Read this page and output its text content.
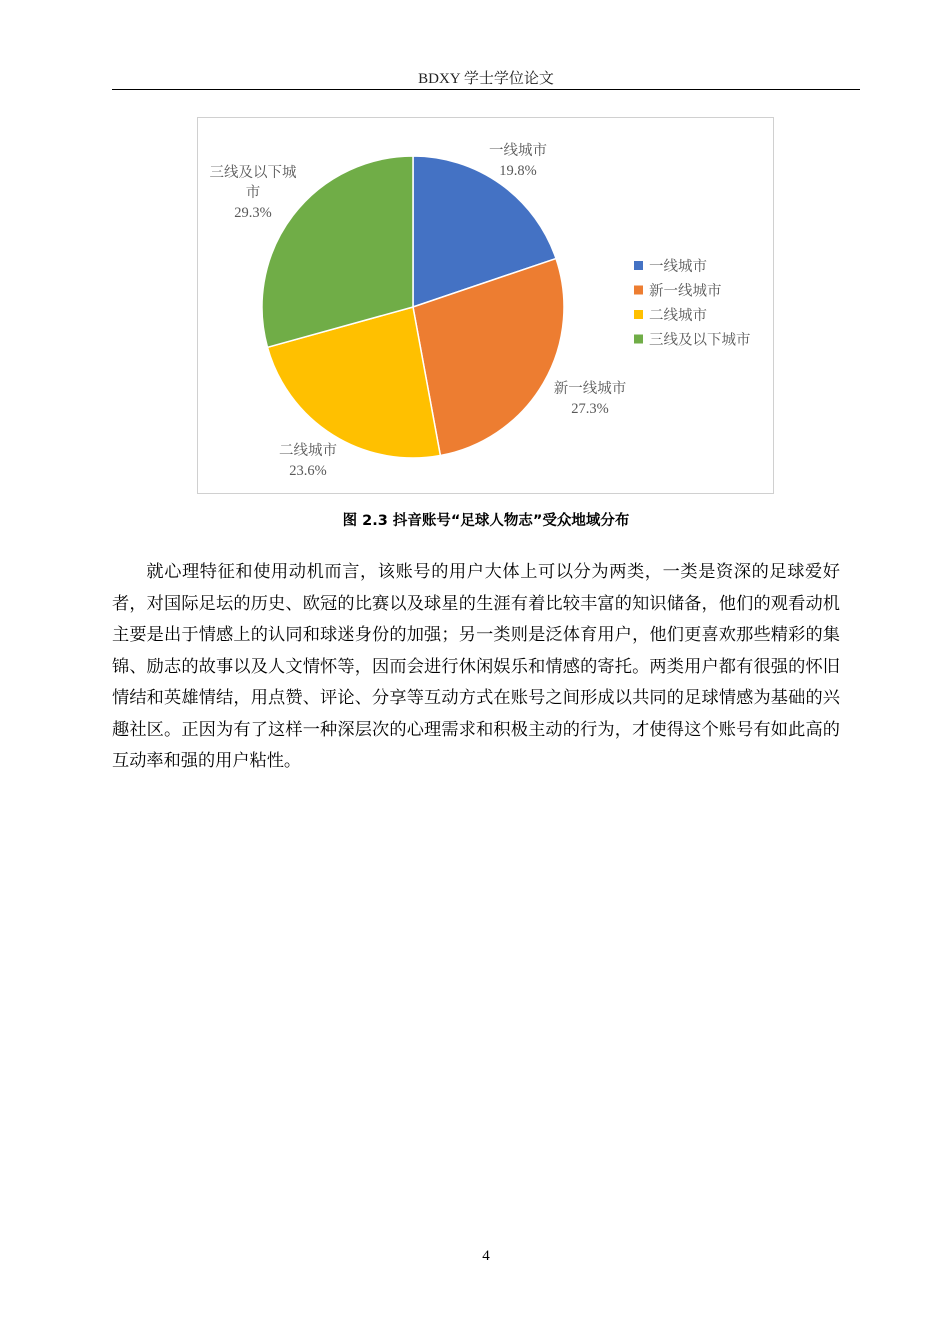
BDXY 学士学位论文
一线城市 19.8%
新一线城市 27.3%
二线城市 23.6%
三线及以下城市 29.3%
一线城市
新一线城市
二线城市
三线及以下城市
图 2.3 抖音账号“足球人物志”受众地域分布

就心理特征和使用动机而言，该账号的用户大体上可以分为两类，一类是资深的足球爱好者，对国际足坛的历史、欧冠的比赛以及球星的生涯有着比较丰富的知识储备，他们的观看动机主要是出于情感上的认同和球迷身份的加强；另一类则是泛体育用户，他们更喜欢那些精彩的集锦、励志的故事以及人文情怀等，因而会进行休闲娱乐和情感的寄托。两类用户都有很强的怀旧情结和英雄情结，用点赞、评论、分享等互动方式在账号之间形成以共同的足球情感为基础的兴趣社区。正因为有了这样一种深层次的心理需求和积极主动的行为，才使得这个账号有如此高的互动率和强的用户粘性。

4
